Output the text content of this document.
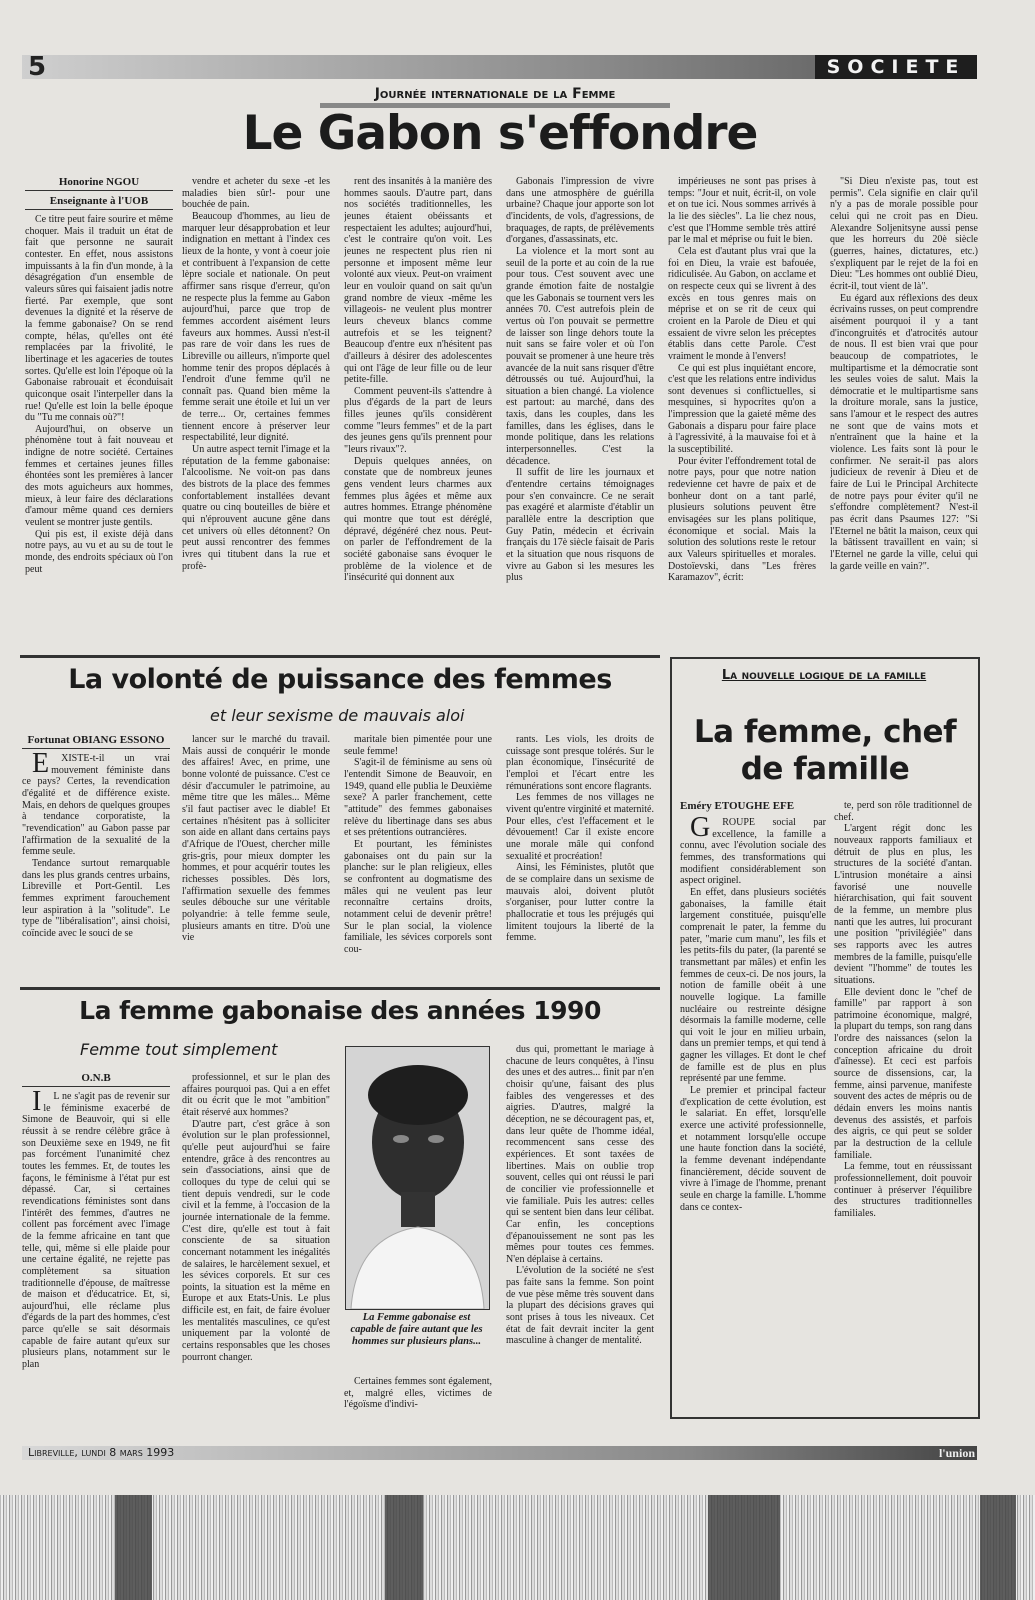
5	SOCIETE
Journée internationale de la Femme
Le Gabon s'effondre
Honorine NGOU
Enseignante à l'UOB

Ce titre peut faire sourire et même choquer. Mais il traduit un état de fait que personne ne saurait contester. En effet, nous assistons impuissants à la fin d'un monde, à la désagrégation d'un ensemble de valeurs sûres qui faisaient jadis notre fierté. Par exemple, que sont devenues la dignité et la réserve de la femme gabonaise? On se rend compte, hélas, qu'elles ont été remplacées par la frivolité, le libertinage et les agaceries de toutes sortes. Qu'elle est loin l'époque où la Gabonaise rabrouait et éconduisait quiconque osait l'interpeller dans la rue! Qu'elle est loin la belle époque du "Tu me connais où?"!

Aujourd'hui, on observe un phénomène tout à fait nouveau et indigne de notre société. Certaines femmes et certaines jeunes filles éhontées sont les premières à lancer des mots aguicheurs aux hommes, mieux, à leur faire des déclarations d'amour même quand ces derniers veulent se montrer juste gentils.

Qui pis est, il existe déjà dans notre pays, au vu et au su de tout le monde, des endroits spéciaux où l'on peut

vendre et acheter du sexe -et les maladies bien sûr!- pour une bouchée de pain.

Beaucoup d'hommes, au lieu de marquer leur désapprobation et leur indignation en mettant à l'index ces lieux de la honte, y vont à coeur joie et contribuent à l'expansion de cette lèpre sociale et nationale. On peut affirmer sans risque d'erreur, qu'on ne respecte plus la femme au Gabon aujourd'hui, parce que trop de femmes accordent aisément leurs faveurs aux hommes. Aussi n'est-il pas rare de voir dans les rues de Libreville ou ailleurs, n'importe quel homme tenir des propos déplacés à l'endroit d'une femme qu'il ne connaît pas. Quand bien même la femme serait une étoile et lui un ver de terre... Or, certaines femmes tiennent encore à préserver leur respectabilité, leur dignité.

Un autre aspect ternit l'image et la réputation de la femme gabonaise: l'alcoolisme. Ne voit-on pas dans des bistrots de la place des femmes confortablement installées devant quatre ou cinq bouteilles de bière et qui n'éprouvent aucune gêne dans cet univers où elles détonnent? On peut aussi rencontrer des femmes ivres qui titubent dans la rue et profè-

rent des insanités à la manière des hommes saouls. D'autre part, dans nos sociétés traditionnelles, les jeunes étaient obéissants et respectaient les adultes; aujourd'hui, c'est le contraire qu'on voit. Les jeunes ne respectent plus rien ni personne et imposent même leur volonté aux vieux. Peut-on vraiment leur en vouloir quand on sait qu'un grand nombre de vieux -même les villageois- ne veulent plus montrer leurs cheveux blancs comme autrefois et se les teignent? Beaucoup d'entre eux n'hésitent pas d'ailleurs à désirer des adolescentes qui ont l'âge de leur fille ou de leur petite-fille.

Comment peuvent-ils s'attendre à plus d'égards de la part de leurs filles jeunes qu'ils considèrent comme "leurs femmes" et de la part des jeunes gens qu'ils prennent pour "leurs rivaux"?.

Depuis quelques années, on constate que de nombreux jeunes gens vendent leurs charmes aux femmes plus âgées et même aux autres hommes. Etrange phénomène qui montre que tout est déréglé, dépravé, dégénéré chez nous. Peut-on parler de l'effondrement de la société gabonaise sans évoquer le problème de la violence et de l'insécurité qui donnent aux

Gabonais l'impression de vivre dans une atmosphère de guérilla urbaine? Chaque jour apporte son lot d'incidents, de vols, d'agressions, de braquages, de rapts, de prélèvements d'organes, d'assassinats, etc.

La violence et la mort sont au seuil de la porte et au coin de la rue pour tous. C'est souvent avec une grande émotion faite de nostalgie que les Gabonais se tournent vers les années 70. C'est autrefois plein de vertus où l'on pouvait se permettre de laisser son linge dehors toute la nuit sans se faire voler et où l'on pouvait se promener à une heure très avancée de la nuit sans risquer d'être détroussés ou tué. Aujourd'hui, la situation a bien changé. La violence est partout: au marché, dans des taxis, dans les couples, dans les familles, dans les églises, dans le monde politique, dans les relations interpersonnelles. C'est la décadence.

Il suffit de lire les journaux et d'entendre certains témoignages pour s'en convaincre. Ce ne serait pas exagéré et alarmiste d'établir un parallèle entre la description que Guy Patin, médecin et écrivain français du 17è siècle faisait de Paris et la situation que nous risquons de vivre au Gabon si les mesures les plus

impérieuses ne sont pas prises à temps: "Jour et nuit, écrit-il, on vole et on tue ici. Nous sommes arrivés à la lie des siècles". La lie chez nous, c'est que l'Homme semble très attiré par le mal et méprise ou fuit le bien.

Cela est d'autant plus vrai que la foi en Dieu, la vraie est bafouée, ridiculisée. Au Gabon, on acclame et on respecte ceux qui se livrent à des excès en tous genres mais on méprise et on se rit de ceux qui croient en la Parole de Dieu et qui essaient de vivre selon les préceptes établis dans cette Parole. C'est vraiment le monde à l'envers!

Ce qui est plus inquiétant encore, c'est que les relations entre individus sont devenues si conflictuelles, si mesquines, si hypocrites qu'on a l'impression que la gaieté même des Gabonais a disparu pour faire place à l'agressivité, à la mauvaise foi et à la susceptibilité.

Pour éviter l'effondrement total de notre pays, pour que notre nation redevienne cet havre de paix et de bonheur dont on a tant parlé, plusieurs solutions peuvent être envisagées sur les plans politique, économique et social. Mais la solution des solutions reste le retour aux Valeurs spirituelles et morales. Dostoïevski, dans "Les frères Karamazov", écrit:

"Si Dieu n'existe pas, tout est permis". Cela signifie en clair qu'il n'y a pas de morale possible pour celui qui ne croit pas en Dieu. Alexandre Soljenitsyne aussi pense que les horreurs du 20è siècle (guerres, haines, dictatures, etc.) s'expliquent par le rejet de la foi en Dieu: "Les hommes ont oublié Dieu, écrit-il, tout vient de là".

Eu égard aux réflexions des deux écrivains russes, on peut comprendre aisément pourquoi il y a tant d'incongruités et d'atrocités autour de nous. Il est bien vrai que pour beaucoup de compatriotes, le multipartisme et la démocratie sont les seules voies de salut. Mais la démocratie et le multipartisme sans la droiture morale, sans la justice, sans l'amour et le respect des autres ne sont que de vains mots et n'entraînent que la haine et la violence. Les faits sont là pour le confirmer. Ne serait-il pas alors judicieux de revenir à Dieu et de faire de Lui le Principal Architecte de notre pays pour éviter qu'il ne s'effondre complètement? N'est-il pas écrit dans Psaumes 127: "Si l'Eternel ne bâtit la maison, ceux qui la bâtissent travaillent en vain; si l'Eternel ne garde la ville, celui qui la garde veille en vain?".

La volonté de puissance des femmes
et leur sexisme de mauvais aloi
Fortunat OBIANG ESSONO

EXISTE-t-il un vrai mouvement féministe dans ce pays? Certes, la revendication d'égalité et de différence existe. Mais, en dehors de quelques groupes à tendance corporatiste, la "revendication" au Gabon passe par l'affirmation de la sexualité de la femme seule.

Tendance surtout remarquable dans les plus grands centres urbains, Libreville et Port-Gentil. Les femmes expriment farouchement leur aspiration à la "solitude". Le type de "libéralisation", ainsi choisi, coïncide avec le souci de se

lancer sur le marché du travail. Mais aussi de conquérir le monde des affaires! Avec, en prime, une bonne volonté de puissance. C'est ce désir d'accumuler le patrimoine, au même titre que les mâles... Même s'il faut pactiser avec le diable! Et certaines n'hésitent pas à solliciter son aide en allant dans certains pays d'Afrique de l'Ouest, chercher mille gris-gris, pour mieux dompter les hommes, et pour acquérir toutes les richesses possibles. Dès lors, l'affirmation sexuelle des femmes seules débouche sur une véritable polyandrie: à telle femme seule, plusieurs amants en titre. D'où une vie

maritale bien pimentée pour une seule femme!

S'agit-il de féminisme au sens où l'entendit Simone de Beauvoir, en 1949, quand elle publia le Deuxième sexe? A parler franchement, cette "attitude" des femmes gabonaises relève du libertinage dans ses abus et ses prétentions outrancières.

Et pourtant, les féministes gabonaises ont du pain sur la planche: sur le plan religieux, elles se confrontent au dogmatisme des mâles qui ne veulent pas leur reconnaître certains droits, notamment celui de devenir prêtre! Sur le plan social, la violence familiale, les sévices corporels sont cou-

rants. Les viols, les droits de cuissage sont presque tolérés. Sur le plan économique, l'insécurité de l'emploi et l'écart entre les rémunérations sont encore flagrants.

Les femmes de nos villages ne vivent qu'entre virginité et maternité. Pour elles, c'est l'effacement et le dévouement! Car il existe encore une morale mâle qui confond sexualité et procréation!

Ainsi, les Féministes, plutôt que de se complaire dans un sexisme de mauvais aloi, doivent plutôt s'organiser, pour lutter contre la phallocratie et tous les préjugés qui limitent toujours la liberté de la femme.

La femme gabonaise des années 1990
Femme tout simplement
O.N.B

IL ne s'agit pas de revenir sur le féminisme exacerbé de Simone de Beauvoir, qui si elle réussit à se rendre célèbre grâce à son Deuxième sexe en 1949, ne fit pas forcément l'unanimité chez toutes les femmes. Et, de toutes les façons, le féminisme à l'état pur est dépassé. Car, si certaines revendications féministes sont dans l'intérêt des femmes, d'autres ne collent pas forcément avec l'image de la femme africaine en tant que telle, qui, même si elle plaide pour une certaine égalité, ne rejette pas complètement sa situation traditionnelle d'épouse, de maîtresse de maison et d'éducatrice. Et, si, aujourd'hui, elle réclame plus d'égards de la part des hommes, c'est parce qu'elle se sait désormais capable de faire autant qu'eux sur plusieurs plans, notamment sur le plan

professionnel, et sur le plan des affaires pourquoi pas. Qui a en effet dit ou écrit que le mot "ambition" était réservé aux hommes?

D'autre part, c'est grâce à son évolution sur le plan professionnel, qu'elle peut aujourd'hui se faire entendre, grâce à des rencontres au sein d'associations, ainsi que de colloques du type de celui qui se tient depuis vendredi, sur le code civil et la femme, à l'occasion de la journée internationale de la femme. C'est dire, qu'elle est tout à fait consciente de sa situation concernant notamment les inégalités de salaires, le harcèlement sexuel, et les sévices corporels. Et sur ces points, la situation est la même en Europe et aux Etats-Unis. Le plus difficile est, en fait, de faire évoluer les mentalités masculines, ce qu'est uniquement par la volonté de certains responsables que les choses pourront changer.

La Femme gabonaise est capable de faire autant que les hommes sur plusieurs plans...

Certaines femmes sont également, et, malgré elles, victimes de l'égoïsme d'indivi-

dus qui, promettant le mariage à chacune de leurs conquêtes, à l'insu des unes et des autres... finit par n'en choisir qu'une, faisant des plus faibles des vengeresses et des aigries. D'autres, malgré la déception, ne se découragent pas, et, dans leur quête de l'homme idéal, recommencent sans cesse des expériences. Et sont taxées de libertines. Mais on oublie trop souvent, celles qui ont réussi le pari de concilier vie professionnelle et vie familiale. Puis les autres: celles qui se sentent bien dans leur célibat. Car enfin, les conceptions d'épanouissement ne sont pas les mêmes pour toutes ces femmes. N'en déplaise à certains.

L'évolution de la société ne s'est pas faite sans la femme. Son point de vue pèse même très souvent dans la plupart des décisions graves qui sont prises à tous les niveaux. Cet état de fait devrait inciter la gent masculine à changer de mentalité.

La nouvelle logique de la famille
La femme, chef de famille
Eméry ETOUGHE EFE

GROUPE social par excellence, la famille a connu, avec l'évolution sociale des femmes, des transformations qui modifient considérablement son aspect originel.

En effet, dans plusieurs sociétés gabonaises, la famille était largement constituée, puisqu'elle comprenait le pater, la femme du pater, "marie cum manu", les fils et les petits-fils du pater, (la parenté se transmettant par mâles) et enfin les femmes de ceux-ci. De nos jours, la notion de famille obéit à une nouvelle logique. La famille nucléaire ou restreinte désigne désormais la famille moderne, celle qui voit le jour en milieu urbain, dans un premier temps, et qui tend à gagner les villages. Et dont le chef de famille est de plus en plus représenté par une femme.

Le premier et principal facteur d'explication de cette évolution, est le salariat. En effet, lorsqu'elle exerce une activité professionnelle, et notamment lorsqu'elle occupe une haute fonction dans la société, la femme devenant indépendante financièrement, décide souvent de vivre à l'image de l'homme, prenant seule en charge la famille. L'homme dans ce contex-

te, perd son rôle traditionnel de chef.

L'argent régit donc les nouveaux rapports familiaux et détruit de plus en plus, les structures de la société d'antan. L'intrusion monétaire a ainsi favorisé une nouvelle hiérarchisation, qui fait souvent de la femme, un membre plus nanti que les autres, lui procurant une position "privilégiée" dans ses rapports avec les autres membres de la famille, puisqu'elle devient "l'homme" de toutes les situations.

Elle devient donc le "chef de famille" par rapport à son patrimoine économique, malgré, la plupart du temps, son rang dans l'ordre des naissances (selon la conception africaine du droit d'aînesse). Et ceci est parfois source de dissensions, car, la femme, ainsi parvenue, manifeste souvent des actes de mépris ou de dédain envers les moins nantis devenus des assistés, et parfois des aigris, ce qui peut se solder par la destruction de la cellule familiale.

La femme, tout en réussissant professionnellement, doit pouvoir continuer à préserver l'équilibre des structures traditionnelles familiales.

Libreville, lundi 8 mars 1993	l'union
